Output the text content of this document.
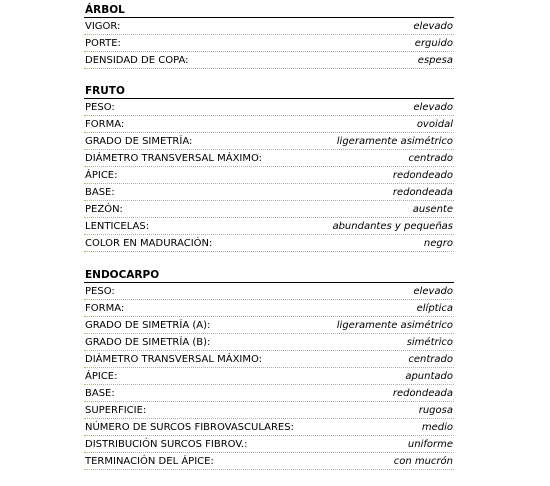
ÁRBOL
VIGOR:	elevado
PORTE:	erguido
DENSIDAD DE COPA:	espesa
FRUTO
PESO:	elevado
FORMA:	ovoidal
GRADO DE SIMETRÍA:	ligeramente asimétrico
DIÁMETRO TRANSVERSAL MÁXIMO:	centrado
ÁPICE:	redondeado
BASE:	redondeada
PEZÓN:	ausente
LENTICELAS:	abundantes y pequeñas
COLOR EN MADURACIÓN:	negro
ENDOCARPO
PESO:	elevado
FORMA:	elíptica
GRADO DE SIMETRÍA (A):	ligeramente asimétrico
GRADO DE SIMETRÍA (B):	simétrico
DIÁMETRO TRANSVERSAL MÁXIMO:	centrado
ÁPICE:	apuntado
BASE:	redondeada
SUPERFICIE:	rugosa
NÚMERO DE SURCOS FIBROVASCULARES:	medio
DISTRIBUCIÓN SURCOS FIBROV.:	uniforme
TERMINACIÓN DEL ÁPICE:	con mucrón
